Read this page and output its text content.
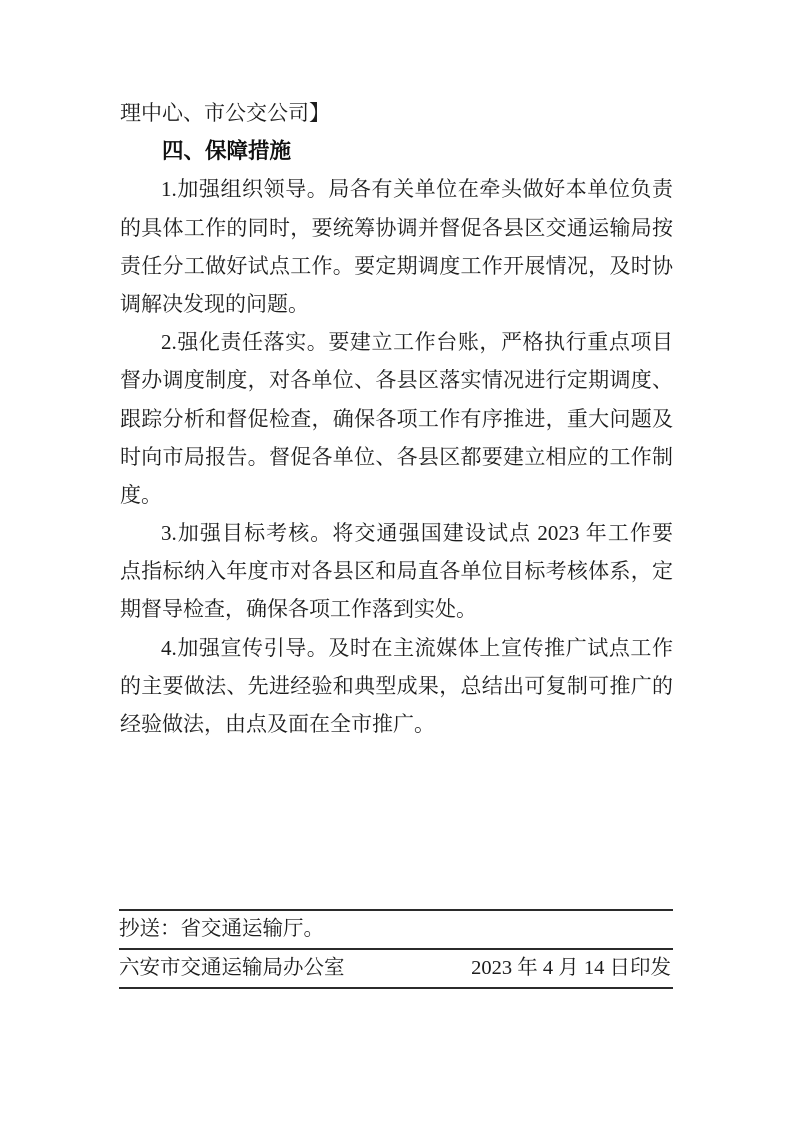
理中心、市公交公司】
四、保障措施
1.加强组织领导。局各有关单位在牵头做好本单位负责
的具体工作的同时，要统筹协调并督促各县区交通运输局按
责任分工做好试点工作。要定期调度工作开展情况，及时协
调解决发现的问题。
2.强化责任落实。要建立工作台账，严格执行重点项目
督办调度制度，对各单位、各县区落实情况进行定期调度、
跟踪分析和督促检查，确保各项工作有序推进，重大问题及
时向市局报告。督促各单位、各县区都要建立相应的工作制
度。
3.加强目标考核。将交通强国建设试点 2023 年工作要
点指标纳入年度市对各县区和局直各单位目标考核体系，定
期督导检查，确保各项工作落到实处。
4.加强宣传引导。及时在主流媒体上宣传推广试点工作
的主要做法、先进经验和典型成果，总结出可复制可推广的
经验做法，由点及面在全市推广。
抄送：省交通运输厅。
六安市交通运输局办公室	2023 年 4 月 14 日印发
